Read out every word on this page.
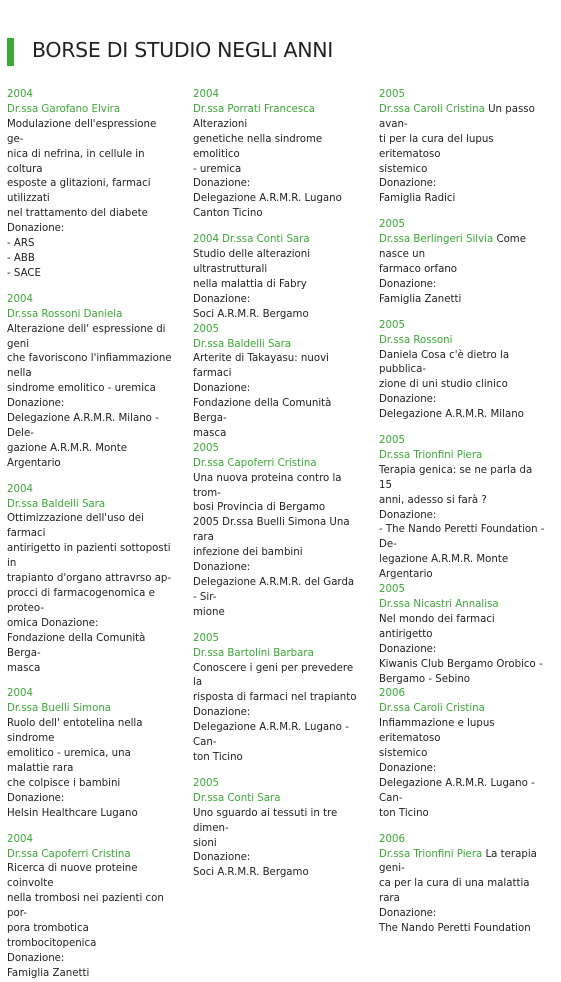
BORSE DI STUDIO NEGLI ANNI
2004
Dr.ssa Garofano Elvira
Modulazione dell'espressione ge-
nica di nefrina, in cellule in coltura
esposte a glitazioni, farmaci utilizzati
nel trattamento del diabete
Donazione:
- ARS
- ABB
- SACE
2004
Dr.ssa Rossoni Daniela
Alterazione dell' espressione di geni
che favoriscono l'infiammazione nella
sindrome emolitico - uremica
Donazione:
Delegazione A.R.M.R. Milano - Dele-
gazione A.R.M.R. Monte Argentario
2004
Dr.ssa Baldelli Sara
Ottimizzazione dell'uso dei farmaci
antirigetto in pazienti sottoposti in
trapianto d'organo attravrso ap-
procci di farmacogenomica e proteo-
omica Donazione:
Fondazione della Comunità Berga-
masca
2004
Dr.ssa Buelli Simona
Ruolo dell' entotelina nella sindrome
emolitico - uremica, una malattie rara
che colpisce i bambini
Donazione:
Helsin Healthcare Lugano
2004
Dr.ssa Capoferri Cristina
Ricerca di nuove proteine coinvolte
nella trombosi nei pazienti con por-
pora trombotica trombocitopenica
Donazione:
Famiglia Zanetti
2004
Dr.ssa Porrati Francesca Alterazioni
genetiche nella sindrome emolitico
- uremica
Donazione:
Delegazione A.R.M.R. Lugano
Canton Ticino
2004 Dr.ssa Conti Sara
Studio delle alterazioni ultrastrutturali
nella malattia di Fabry Donazione:
Soci A.R.M.R. Bergamo
2005
Dr.ssa Baldelli Sara
Arterite di Takayasu: nuovi farmaci
Donazione:
Fondazione della Comunità Berga-
masca
2005
Dr.ssa Capoferri Cristina
Una nuova proteina contro la trom-
bosi Provincia di Bergamo
2005 Dr.ssa Buelli Simona Una rara
infezione dei bambini
Donazione:
Delegazione A.R.M.R. del Garda - Sir-
mione
2005
Dr.ssa Bartolini Barbara
Conoscere i geni per prevedere la
risposta di farmaci nel trapianto
Donazione:
Delegazione A.R.M.R. Lugano - Can-
ton Ticino
2005
Dr.ssa Conti Sara
Uno sguardo ai tessuti in tre dimen-
sioni
Donazione:
Soci A.R.M.R. Bergamo
2005
Dr.ssa Caroli Cristina Un passo avan-
ti per la cura del lupus eritematoso
sistemico
Donazione:
Famiglia Radici
2005
Dr.ssa Berlingeri Silvia Come nasce un
farmaco orfano
Donazione:
Famiglia Zanetti
2005
Dr.ssa Rossoni
Daniela Cosa c'è dietro la pubblica-
zione di uni studio clinico
Donazione:
Delegazione A.R.M.R. Milano
2005
Dr.ssa Trionfini Piera
Terapia genica: se ne parla da 15
anni, adesso si farà ?
Donazione:
- The Nando Peretti Foundation - De-
legazione A.R.M.R. Monte Argentario
2005
Dr.ssa Nicastri Annalisa
Nel mondo dei farmaci antirigetto
Donazione:
Kiwanis Club Bergamo Orobico -
Bergamo - Sebino
2006
Dr.ssa Caroli Cristina
Infiammazione e lupus eritematoso
sistemico
Donazione:
Delegazione A.R.M.R. Lugano - Can-
ton Ticino
2006
Dr.ssa Trionfini Piera La terapia geni-
ca per la cura di una malattia rara
Donazione:
The Nando Peretti Foundation
